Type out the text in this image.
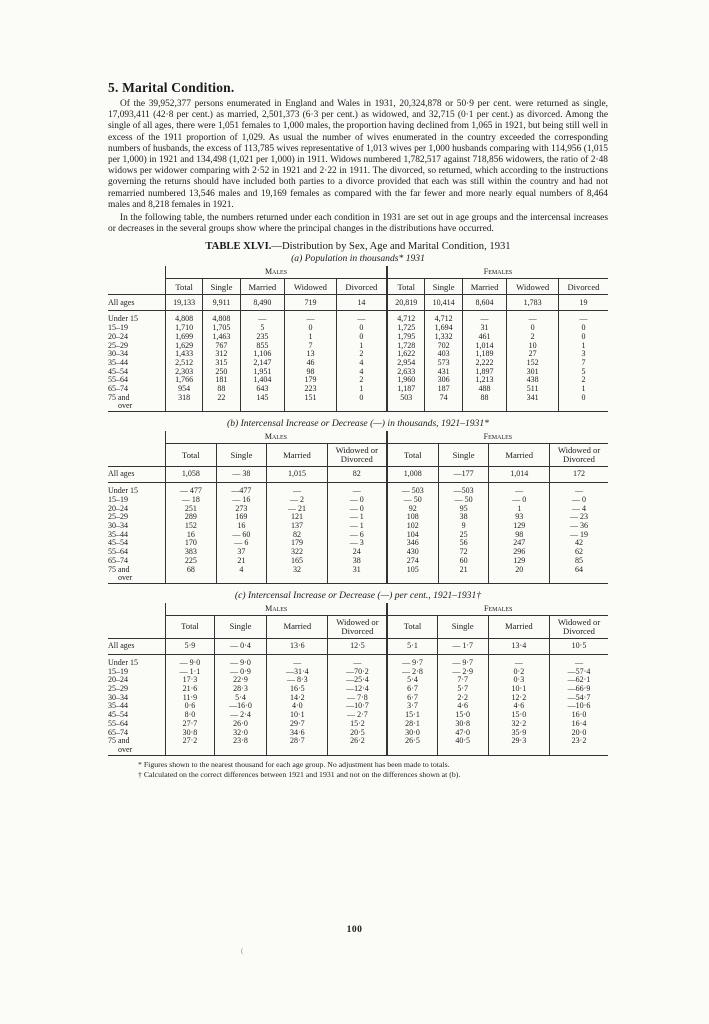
5. Marital Condition.

Of the 39,952,377 persons enumerated in England and Wales in 1931, 20,324,878 or 50·9 per cent. were returned as single, 17,093,411 (42·8 per cent.) as married, 2,501,373 (6·3 per cent.) as widowed, and 32,715 (0·1 per cent.) as divorced. Among the single of all ages, there were 1,051 females to 1,000 males, the proportion having declined from 1,065 in 1921, but being still well in excess of the 1911 proportion of 1,029. As usual the number of wives enumerated in the country exceeded the corresponding numbers of husbands, the excess of 113,785 wives representative of 1,013 wives per 1,000 husbands comparing with 114,956 (1,015 per 1,000) in 1921 and 134,498 (1,021 per 1,000) in 1911. Widows numbered 1,782,517 against 718,856 widowers, the ratio of 2·48 widows per widower comparing with 2·52 in 1921 and 2·22 in 1911. The divorced, so returned, which according to the instructions governing the returns should have included both parties to a divorce provided that each was still within the country and had not remarried numbered 13,546 males and 19,169 females as compared with the far fewer and more nearly equal numbers of 8,464 males and 8,218 females in 1921.

In the following table, the numbers returned under each condition in 1931 are set out in age groups and the intercensal increases or decreases in the several groups show where the principal changes in the distributions have occurred.

TABLE XLVI.—Distribution by Sex, Age and Marital Condition, 1931
(a) Population in thousands* 1931
	Males					Females				
	Total	Single	Married	Widowed	Divorced	Total	Single	Married	Widowed	Divorced
All ages	19,133	9,911	8,490	719	14	20,819	10,414	8,604	1,783	19

Under 15	4,808	4,808	—	—	—	4,712	4,712	—	—	—
15–19	1,710	1,705	5	0	0	1,725	1,694	31	0	0
20–24	1,699	1,463	235	1	0	1,795	1,332	461	2	0
25–29	1,629	767	855	7	1	1,728	702	1,014	10	1
30–34	1,433	312	1,106	13	2	1,622	403	1,189	27	3
35–44	2,512	315	2,147	46	4	2,954	573	2,222	152	7
45–54	2,303	250	1,951	98	4	2,633	431	1,897	301	5
55–64	1,766	181	1,404	179	2	1,960	306	1,213	438	2
65–74	954	88	643	223	1	1,187	187	488	511	1
75 and	318	22	145	151	0	503	74	88	341	0
over										
(b) Intercensal Increase or Decrease (—) in thousands, 1921–1931*
	Males				Females			
	Total	Single	Married	Widowed or Divorced	Total	Single	Married	Widowed or Divorced
All ages	1,058	— 38	1,015	82	1,008	—177	1,014	172

Under 15	— 477	—477	—	—	— 503	—503	—	—
15–19	— 18	— 16	— 2	— 0	— 50	— 50	— 0	— 0
20–24	251	273	— 21	— 0	92	95	1	— 4
25–29	289	169	121	— 1	108	38	93	— 23
30–34	152	16	137	— 1	102	9	129	— 36
35–44	16	— 60	82	— 6	104	25	98	— 19
45–54	170	— 6	179	— 3	346	56	247	42
55–64	383	37	322	24	430	72	296	62
65–74	225	21	165	38	274	60	129	85
75 and	68	4	32	31	105	21	20	64
over								
(c) Intercensal Increase or Decrease (—) per cent., 1921–1931†
	Males				Females			
	Total	Single	Married	Widowed or Divorced	Total	Single	Married	Widowed or Divorced
All ages	5·9	— 0·4	13·6	12·5	5·1	— 1·7	13·4	10·5

Under 15	— 9·0	— 9·0	—	—	— 9·7	— 9·7	—	—
15–19	— 1·1	— 0·9	—31·4	—70·2	— 2·8	— 2·9	0·2	—57·4
20–24	17·3	22·9	— 8·3	—25·4	5·4	7·7	0·3	—62·1
25–29	21·6	28·3	16·5	—12·4	6·7	5·7	10·1	—66·9
30–34	11·9	5·4	14·2	— 7·8	6·7	2·2	12·2	—54·7
35–44	0·6	—16·0	4·0	—10·7	3·7	4·6	4·6	—10·6
45–54	8·0	— 2·4	10·1	— 2·7	15·1	15·0	15·0	16·0
55–64	27·7	26·0	29·7	15·2	28·1	30·8	32·2	16·4
65–74	30·8	32·0	34·6	20·5	30·0	47·0	35·9	20·0
75 and	27·2	23·8	28·7	26·2	26·5	40·5	29·3	23·2
over								
* Figures shown to the nearest thousand for each age group. No adjustment has been made to totals.
† Calculated on the correct differences between 1921 and 1931 and not on the differences shown at (b).
100
(
